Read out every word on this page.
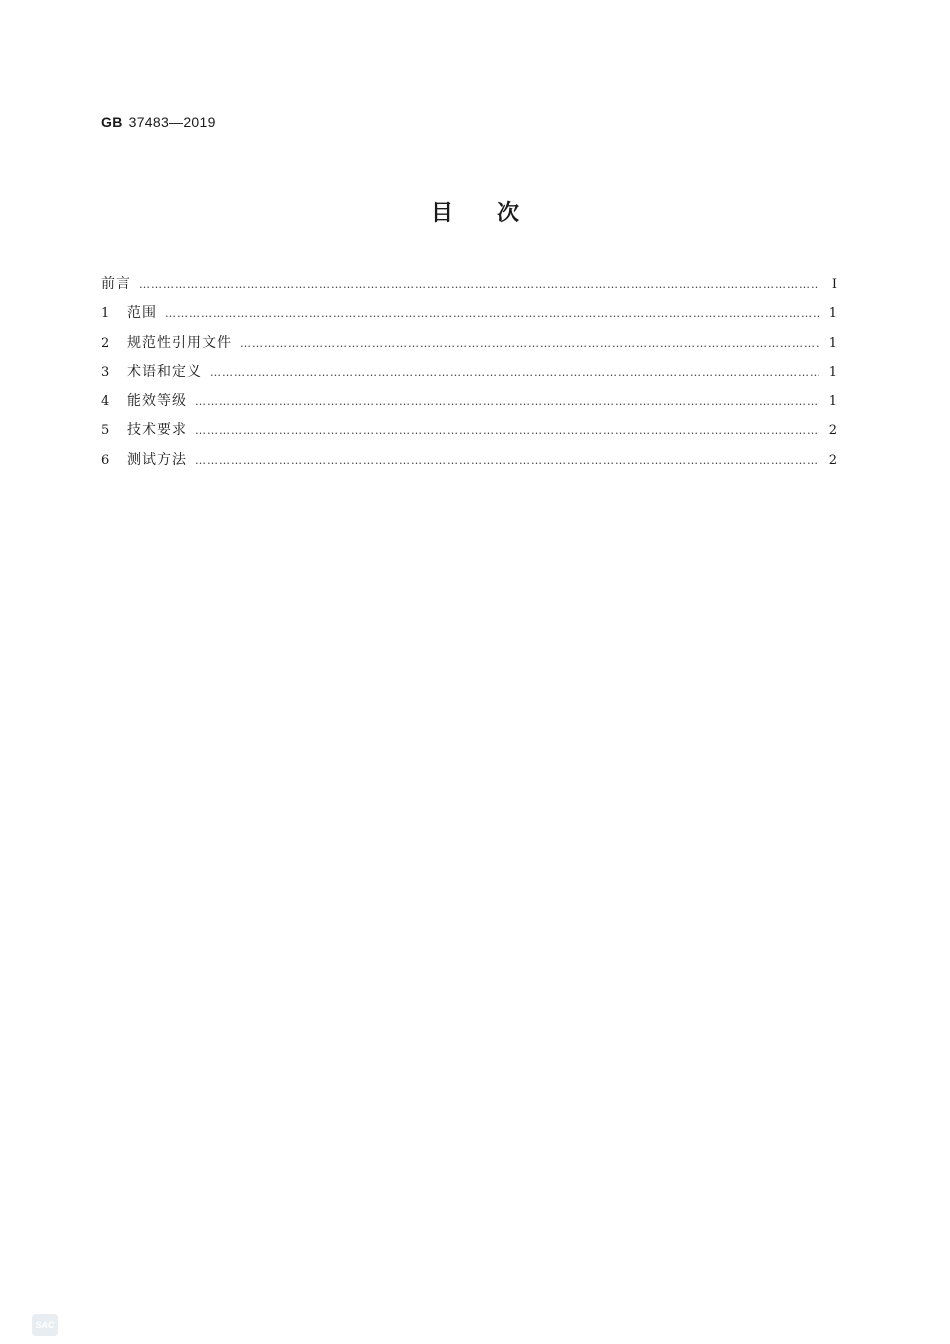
GB 37483—2019
目次
前言 ……………………………………………………………………………………………………………………………………………………………………………………………	Ⅰ
1	范围 ……………………………………………………………………………………………………………………………………………………………………………………………	1
2	规范性引用文件 ……………………………………………………………………………………………………………………………………………………………………………………………	1
3	术语和定义 ……………………………………………………………………………………………………………………………………………………………………………………………	1
4	能效等级 ……………………………………………………………………………………………………………………………………………………………………………………………	1
5	技术要求 ……………………………………………………………………………………………………………………………………………………………………………………………	2
6	测试方法 ……………………………………………………………………………………………………………………………………………………………………………………………	2
SAC
